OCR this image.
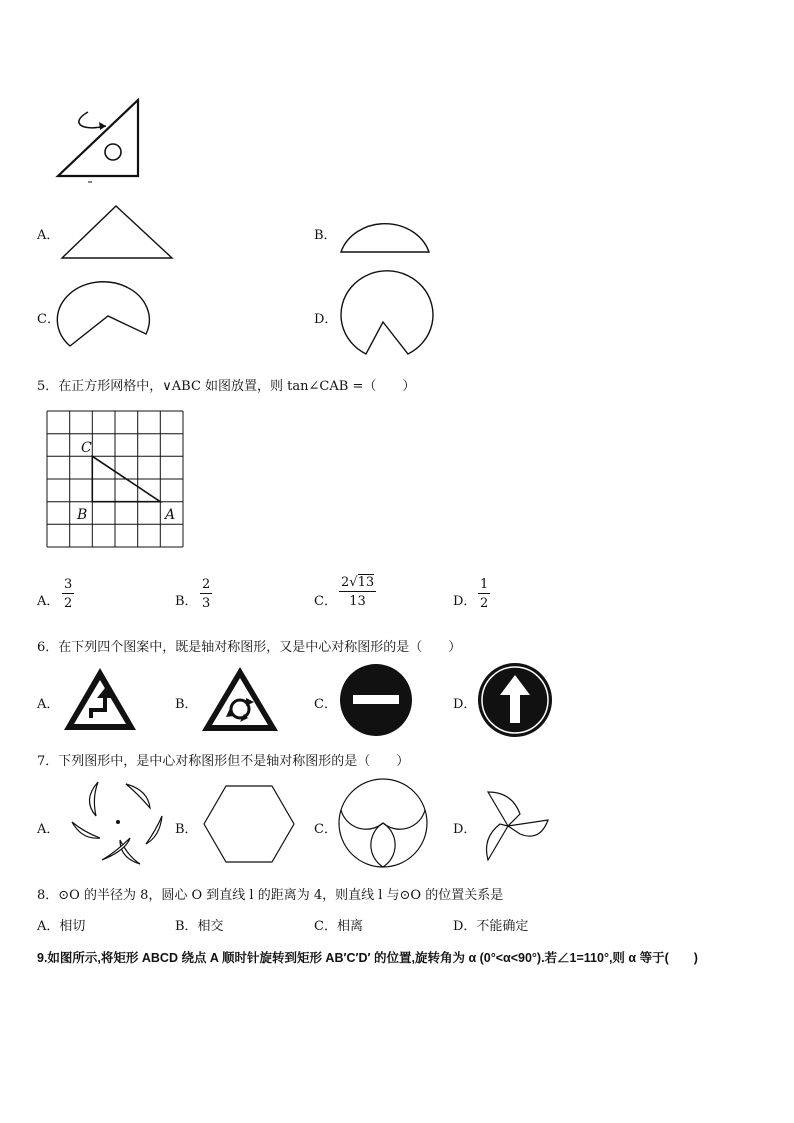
A．	B．
C．	D．
5．在正方形网格中，∨ABC 如图放置，则 tan∠CAB =（　　）
C
B	A
A． $\frac{3}{2}$	B． $\frac{2}{3}$	C． $\frac{2√13}{13}$	D． $\frac{1}{2}$
6．在下列四个图案中，既是轴对称图形，又是中心对称图形的是（　　）
A．	B．	C．	D．
7．下列图形中，是中心对称图形但不是轴对称图形的是（　　）
A．	B．	C．	D．
8．⊙O 的半径为 8，圆心 O 到直线 l 的距离为 4，则直线 l 与⊙O 的位置关系是
A．相切	B．相交	C．相离	D．不能确定
9.如图所示,将矩形 ABCD 绕点 A 顺时针旋转到矩形 AB′C′D′ 的位置,旋转角为 α (0°<α<90°).若∠1=110°,则 α 等于(　　)
